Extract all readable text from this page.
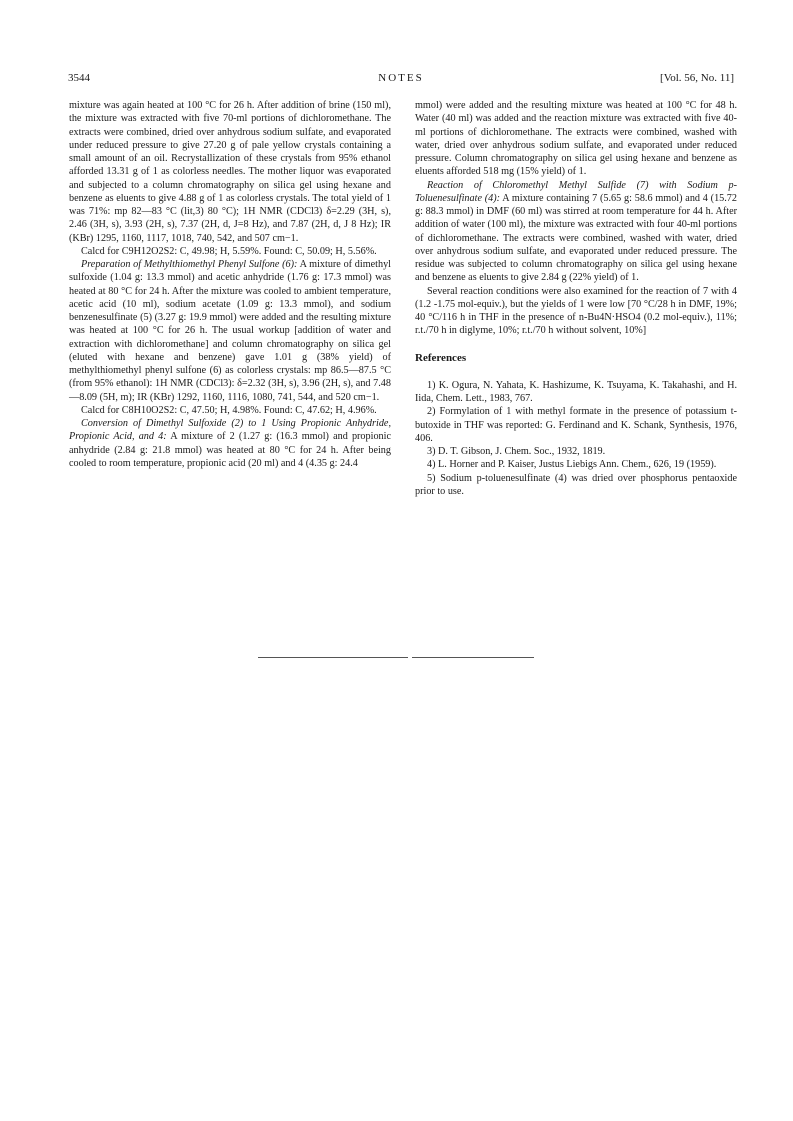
3544	NOTES	[Vol. 56, No. 11]

mixture was again heated at 100 °C for 26 h. After addition of brine (150 ml), the mixture was extracted with five 70-ml portions of dichloromethane. The extracts were combined, dried over anhydrous sodium sulfate, and evaporated under reduced pressure to give 27.20 g of pale yellow crystals containing a small amount of an oil. Recrystallization of these crystals from 95% ethanol afforded 13.31 g of 1 as colorless needles. The mother liquor was evaporated and subjected to a column chromatography on silica gel using hexane and benzene as eluents to give 4.88 g of 1 as colorless crystals. The total yield of 1 was 71%: mp 82—83 °C (lit,3) 80 °C); 1H NMR (CDCl3) δ=2.29 (3H, s), 2.46 (3H, s), 3.93 (2H, s), 7.37 (2H, d, J=8 Hz), and 7.87 (2H, d, J 8 Hz); IR (KBr) 1295, 1160, 1117, 1018, 740, 542, and 507 cm−1.

Calcd for C9H12O2S2: C, 49.98; H, 5.59%. Found: C, 50.09; H, 5.56%.

Preparation of Methylthiomethyl Phenyl Sulfone (6): A mixture of dimethyl sulfoxide (1.04 g: 13.3 mmol) and acetic anhydride (1.76 g: 17.3 mmol) was heated at 80 °C for 24 h. After the mixture was cooled to ambient temperature, acetic acid (10 ml), sodium acetate (1.09 g: 13.3 mmol), and sodium benzenesulfinate (5) (3.27 g: 19.9 mmol) were added and the resulting mixture was heated at 100 °C for 26 h. The usual workup [addition of water and extraction with dichloromethane] and column chromatography on silica gel (eluted with hexane and benzene) gave 1.01 g (38% yield) of methylthiomethyl phenyl sulfone (6) as colorless crystals: mp 86.5—87.5 °C (from 95% ethanol): 1H NMR (CDCl3): δ=2.32 (3H, s), 3.96 (2H, s), and 7.48—8.09 (5H, m); IR (KBr) 1292, 1160, 1116, 1080, 741, 544, and 520 cm−1.

Calcd for C8H10O2S2: C, 47.50; H, 4.98%. Found: C, 47.62; H, 4.96%.

Conversion of Dimethyl Sulfoxide (2) to 1 Using Propionic Anhydride, Propionic Acid, and 4: A mixture of 2 (1.27 g: (16.3 mmol) and propionic anhydride (2.84 g: 21.8 mmol) was heated at 80 °C for 24 h. After being cooled to room temperature, propionic acid (20 ml) and 4 (4.35 g: 24.4

mmol) were added and the resulting mixture was heated at 100 °C for 48 h. Water (40 ml) was added and the reaction mixture was extracted with five 40-ml portions of dichloromethane. The extracts were combined, washed with water, dried over anhydrous sodium sulfate, and evaporated under reduced pressure. Column chromatography on silica gel using hexane and benzene as eluents afforded 518 mg (15% yield) of 1.

Reaction of Chloromethyl Methyl Sulfide (7) with Sodium p-Toluenesulfinate (4): A mixture containing 7 (5.65 g: 58.6 mmol) and 4 (15.72 g: 88.3 mmol) in DMF (60 ml) was stirred at room temperature for 44 h. After addition of water (100 ml), the mixture was extracted with four 40-ml portions of dichloromethane. The extracts were combined, washed with water, dried over anhydrous sodium sulfate, and evaporated under reduced pressure. The residue was subjected to column chromatography on silica gel using hexane and benzene as eluents to give 2.84 g (22% yield) of 1.

Several reaction conditions were also examined for the reaction of 7 with 4 (1.2 -1.75 mol-equiv.), but the yields of 1 were low [70 °C/28 h in DMF, 19%; 40 °C/116 h in THF in the presence of n-Bu4N·HSO4 (0.2 mol-equiv.), 11%; r.t./70 h in diglyme, 10%; r.t./70 h without solvent, 10%]

References

1) K. Ogura, N. Yahata, K. Hashizume, K. Tsuyama, K. Takahashi, and H. Iida, Chem. Lett., 1983, 767.

2) Formylation of 1 with methyl formate in the presence of potassium t-butoxide in THF was reported: G. Ferdinand and K. Schank, Synthesis, 1976, 406.

3) D. T. Gibson, J. Chem. Soc., 1932, 1819.

4) L. Horner and P. Kaiser, Justus Liebigs Ann. Chem., 626, 19 (1959).

5) Sodium p-toluenesulfinate (4) was dried over phosphorus pentaoxide prior to use.
